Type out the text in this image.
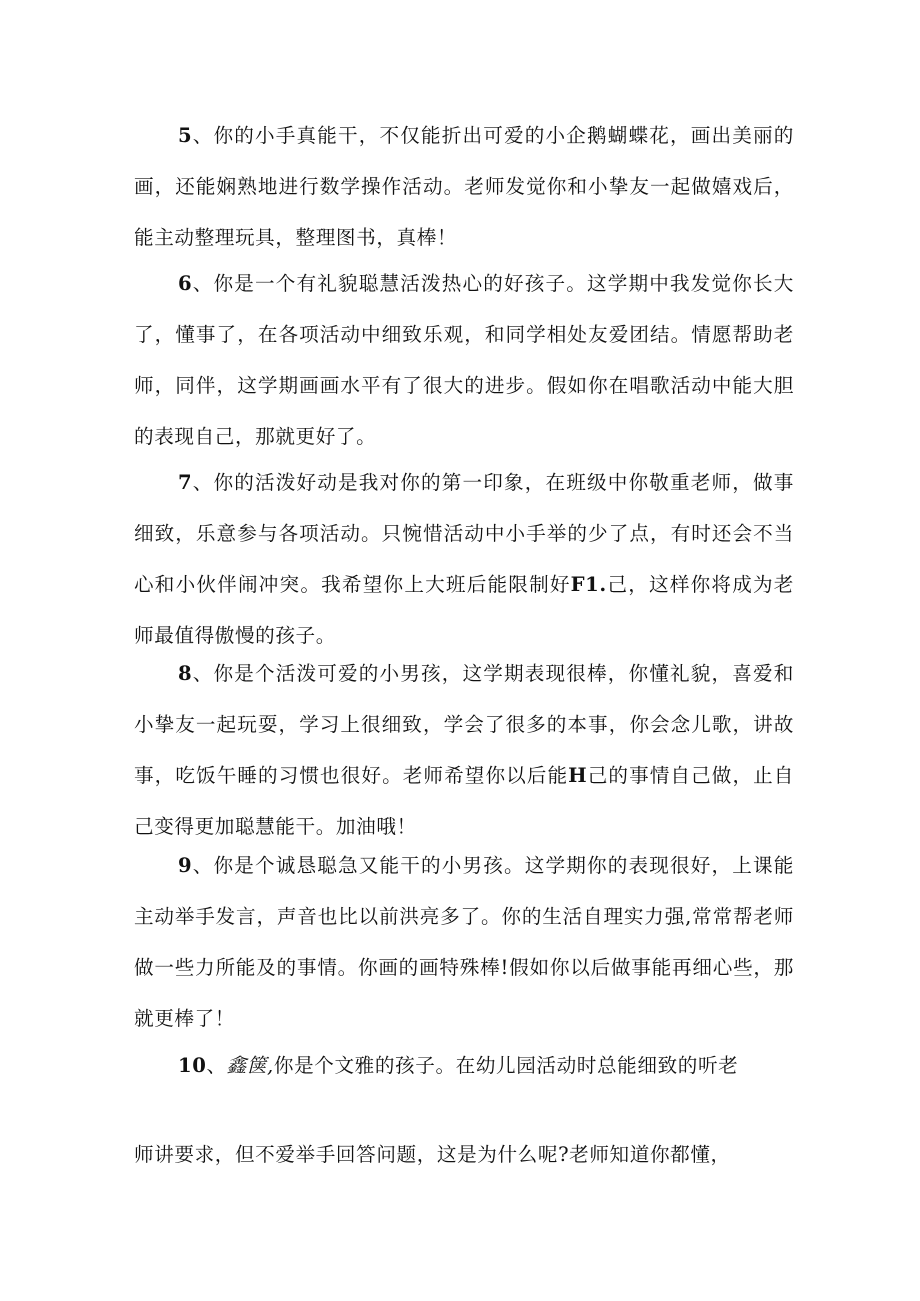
5、你的小手真能干，不仅能折出可爱的小企鹅蝴蝶花，画出美丽的画，还能娴熟地进行数学操作活动。老师发觉你和小挚友一起做嬉戏后，能主动整理玩具，整理图书，真棒！

6、你是一个有礼貌聪慧活泼热心的好孩子。这学期中我发觉你长大了，懂事了，在各项活动中细致乐观，和同学相处友爱团结。情愿帮助老师，同伴，这学期画画水平有了很大的进步。假如你在唱歌活动中能大胆的表现自己，那就更好了。

7、你的活泼好动是我对你的第一印象，在班级中你敬重老师，做事细致，乐意参与各项活动。只惋惜活动中小手举的少了点，有时还会不当心和小伙伴闹冲突。我希望你上大班后能限制好F1.己，这样你将成为老师最值得傲慢的孩子。

8、你是个活泼可爱的小男孩，这学期表现很棒，你懂礼貌，喜爱和小挚友一起玩耍，学习上很细致，学会了很多的本事，你会念儿歌，讲故事，吃饭午睡的习惯也很好。老师希望你以后能H己的事情自己做，止自己变得更加聪慧能干。加油哦！

9、你是个诚恳聪急又能干的小男孩。这学期你的表现很好，上课能主动举手发言，声音也比以前洪亮多了。你的生活自理实力强,常常帮老师做一些力所能及的事情。你画的画特殊棒!假如你以后做事能再细心些，那就更棒了！

10、鑫箧,你是个文雅的孩子。在幼儿园活动时总能细致的听老

师讲要求，但不爱举手回答问题，这是为什么呢?老师知道你都懂，
